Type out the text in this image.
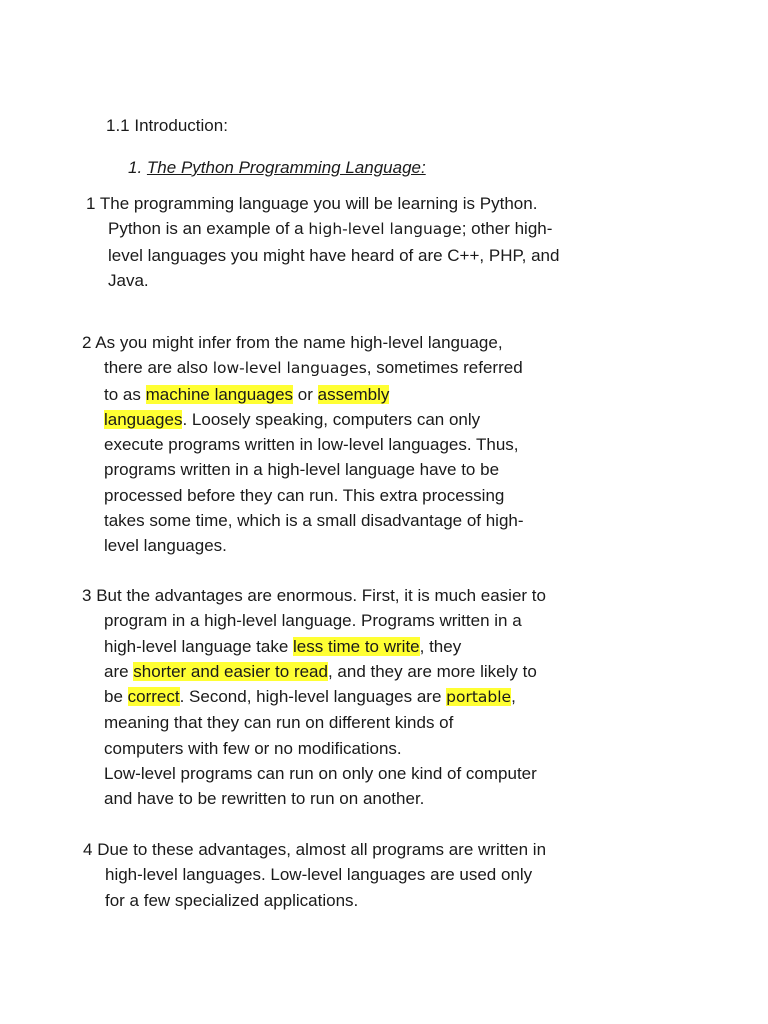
1.1 Introduction:
1. The Python Programming Language:

1 The programming language you will be learning is Python.
Python is an example of a high-level language; other high-
level languages you might have heard of are C++, PHP, and
Java.

2 As you might infer from the name high-level language,
there are also low-level languages, sometimes referred
to as machine languages or assembly
languages. Loosely speaking, computers can only
execute programs written in low-level languages. Thus,
programs written in a high-level language have to be
processed before they can run. This extra processing
takes some time, which is a small disadvantage of high-
level languages.

3 But the advantages are enormous. First, it is much easier to
program in a high-level language. Programs written in a
high-level language take less time to write, they
are shorter and easier to read, and they are more likely to
be correct. Second, high-level languages are portable,
meaning that they can run on different kinds of
computers with few or no modifications.
Low-level programs can run on only one kind of computer
and have to be rewritten to run on another.

4 Due to these advantages, almost all programs are written in
high-level languages. Low-level languages are used only
for a few specialized applications.
